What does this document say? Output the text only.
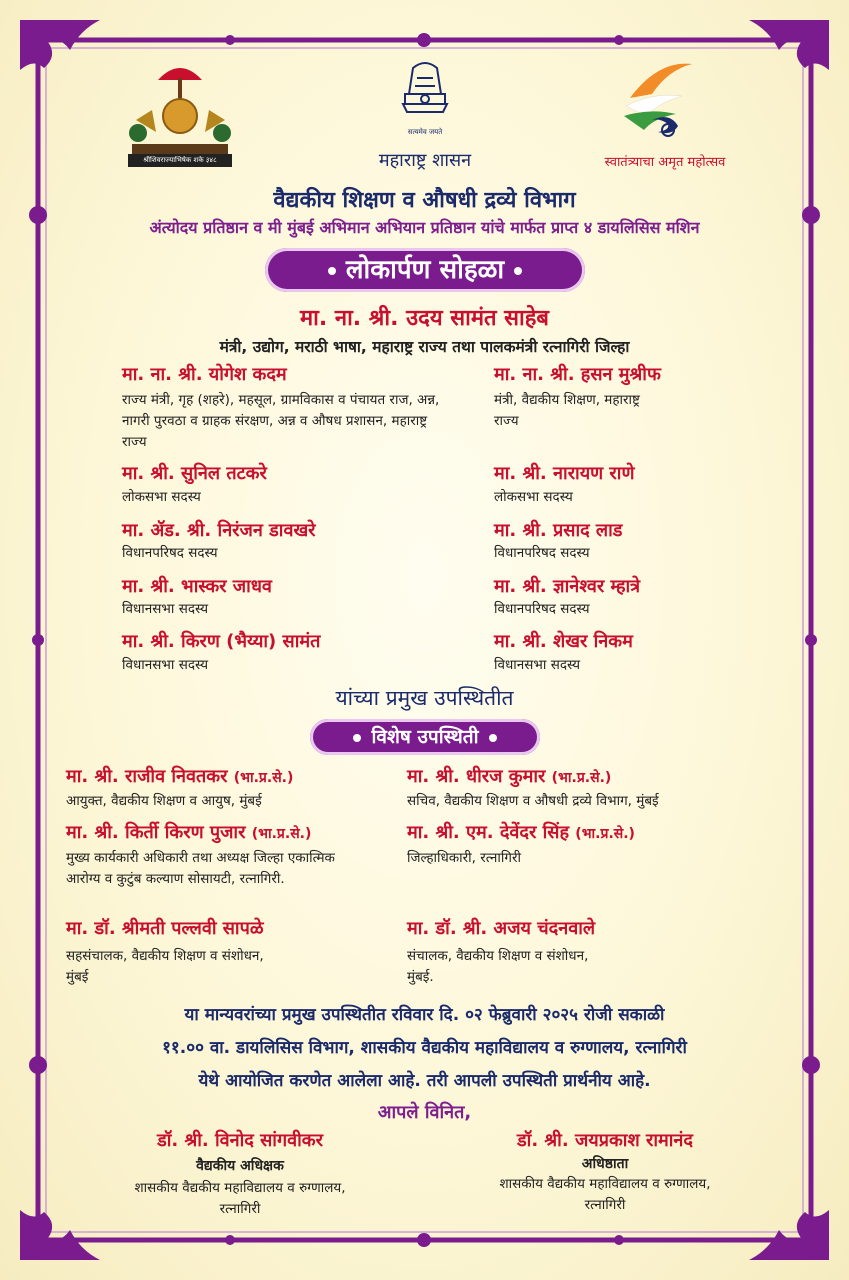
श्रीशिवराज्याभिषेक शके ३४८
सत्यमेव जयते
महाराष्ट्र शासन	स्वातंत्र्याचा अमृत महोत्सव

वैद्यकीय शिक्षण व औषधी द्रव्ये विभाग

अंत्योदय प्रतिष्ठान व मी मुंबई अभिमान अभियान प्रतिष्ठान यांचे मार्फत प्राप्त ४ डायलिसिस मशिन

लोकार्पण सोहळा

मा. ना. श्री. उदय सामंत साहेब

मंत्री, उद्योग, मराठी भाषा, महाराष्ट्र राज्य तथा पालकमंत्री रत्नागिरी जिल्हा

मा. ना. श्री. योगेश कदम

राज्य मंत्री, गृह (शहरे), महसूल, ग्रामविकास व पंचायत राज, अन्न, नागरी पुरवठा व ग्राहक संरक्षण, अन्न व औषध प्रशासन, महाराष्ट्र राज्य

मा. श्री. सुनिल तटकरे

लोकसभा सदस्य

मा. ॲड. श्री. निरंजन डावखरे

विधानपरिषद सदस्य

मा. श्री. भास्कर जाधव

विधानसभा सदस्य

मा. श्री. किरण (भैय्या) सामंत

विधानसभा सदस्य

मा. ना. श्री. हसन मुश्रीफ

मंत्री, वैद्यकीय शिक्षण, महाराष्ट्र राज्य

मा. श्री. नारायण राणे

लोकसभा सदस्य

मा. श्री. प्रसाद लाड

विधानपरिषद सदस्य

मा. श्री. ज्ञानेश्वर म्हात्रे

विधानपरिषद सदस्य

मा. श्री. शेखर निकम

विधानसभा सदस्य

यांच्या प्रमुख उपस्थितीत

विशेष उपस्थिती

मा. श्री. राजीव निवतकर (भा.प्र.से.)

आयुक्त, वैद्यकीय शिक्षण व आयुष, मुंबई

मा. श्री. किर्ती किरण पुजार (भा.प्र.से.)

मुख्य कार्यकारी अधिकारी तथा अध्यक्ष जिल्हा एकात्मिक आरोग्य व कुटुंब कल्याण सोसायटी, रत्नागिरी.

मा. डॉ. श्रीमती पल्लवी सापळे

सहसंचालक, वैद्यकीय शिक्षण व संशोधन, मुंबई

मा. श्री. धीरज कुमार (भा.प्र.से.)

सचिव, वैद्यकीय शिक्षण व औषधी द्रव्ये विभाग, मुंबई

मा. श्री. एम. देवेंदर सिंह (भा.प्र.से.)

जिल्हाधिकारी, रत्नागिरी

मा. डॉ. श्री. अजय चंदनवाले

संचालक, वैद्यकीय शिक्षण व संशोधन, मुंबई.

या मान्यवरांच्या प्रमुख उपस्थितीत रविवार दि. ०२ फेब्रुवारी २०२५ रोजी सकाळी

११.०० वा. डायलिसिस विभाग, शासकीय वैद्यकीय महाविद्यालय व रुग्णालय, रत्नागिरी

येथे आयोजित करणेत आलेला आहे. तरी आपली उपस्थिती प्रार्थनीय आहे.

आपले विनित,

डॉ. श्री. विनोद सांगवीकर

वैद्यकीय अधिक्षक

शासकीय वैद्यकीय महाविद्यालय व रुग्णालय, रत्नागिरी

डॉ. श्री. जयप्रकाश रामानंद

अधिष्ठाता

शासकीय वैद्यकीय महाविद्यालय व रुग्णालय, रत्नागिरी
